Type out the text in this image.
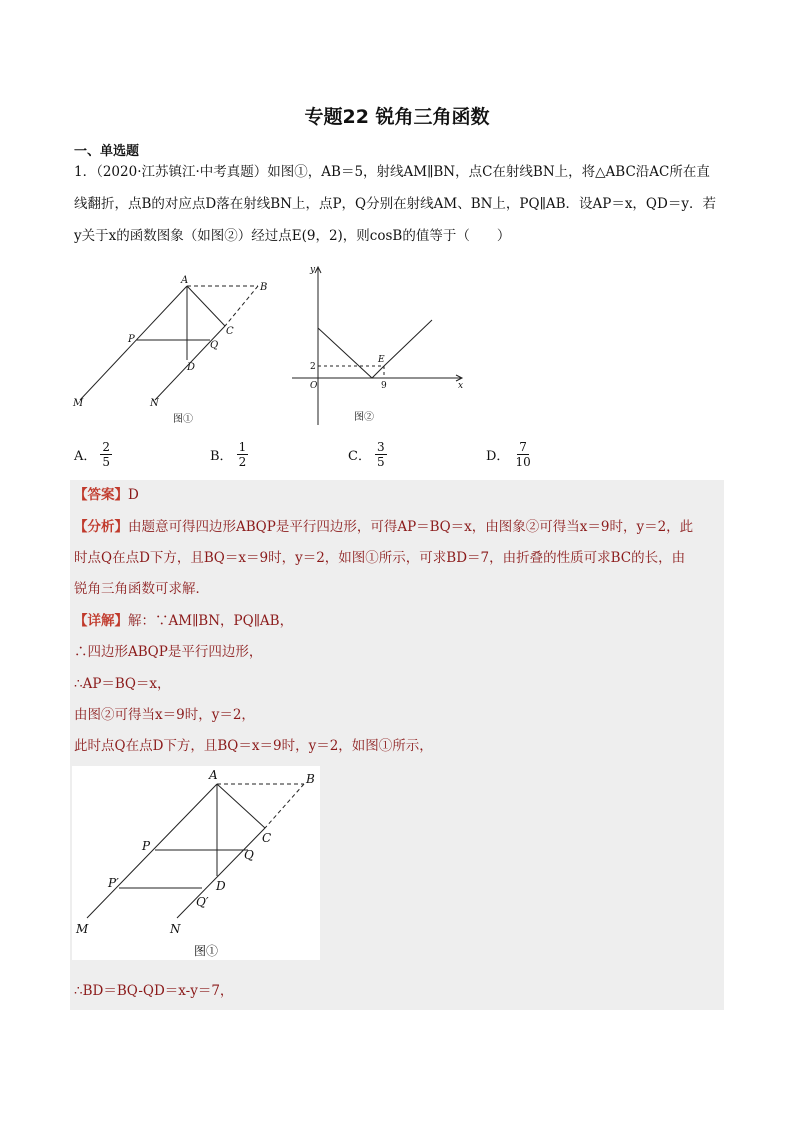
专题22 锐角三角函数
一、单选题
1．（2020·江苏镇江·中考真题）如图①，AB＝5，射线AM∥BN，点C在射线BN上，将△ABC沿AC所在直
线翻折，点B的对应点D落在射线BN上，点P，Q分别在射线AM、BN上，PQ∥AB．设AP＝x，QD＝y．若
y关于x的函数图象（如图②）经过点E(9，2)，则cosB的值等于（　　）
A
B
C
P
Q
D
M	N
图①
y
x
O
E
2
9
图②
A． $\frac{2}{5}$	B． $\frac{1}{2}$	C． $\frac{3}{5}$	D． $\frac{7}{10}$
【答案】D
【分析】由题意可得四边形ABQP是平行四边形，可得AP＝BQ＝x，由图象②可得当x＝9时，y＝2，此
时点Q在点D下方，且BQ＝x＝9时，y＝2，如图①所示，可求BD＝7，由折叠的性质可求BC的长，由
锐角三角函数可求解．
【详解】解：∵AM∥BN，PQ∥AB，
∴四边形ABQP是平行四边形，
∴AP＝BQ＝x，
由图②可得当x＝9时，y＝2，
此时点Q在点D下方，且BQ＝x＝9时，y＝2，如图①所示，
A	B
C
P
Q
P′
Q′
D
M	N
图①
∴BD＝BQ-QD＝x-y＝7，
